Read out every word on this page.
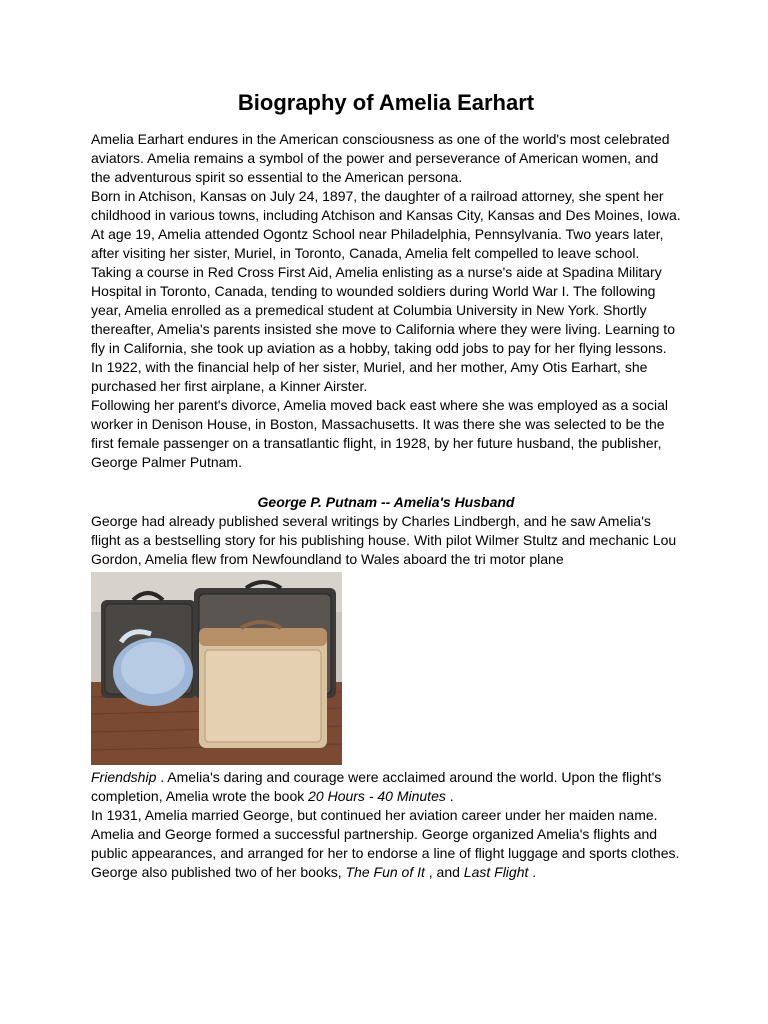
Biography of Amelia Earhart

Amelia Earhart endures in the American consciousness as one of the world's most celebrated aviators. Amelia remains a symbol of the power and perseverance of American women, and the adventurous spirit so essential to the American persona.

Born in Atchison, Kansas on July 24, 1897, the daughter of a railroad attorney, she spent her childhood in various towns, including Atchison and Kansas City, Kansas and Des Moines, Iowa. At age 19, Amelia attended Ogontz School near Philadelphia, Pennsylvania. Two years later, after visiting her sister, Muriel, in Toronto, Canada, Amelia felt compelled to leave school. Taking a course in Red Cross First Aid, Amelia enlisting as a nurse's aide at Spadina Military Hospital in Toronto, Canada, tending to wounded soldiers during World War I. The following year, Amelia enrolled as a premedical student at Columbia University in New York. Shortly thereafter, Amelia's parents insisted she move to California where they were living. Learning to fly in California, she took up aviation as a hobby, taking odd jobs to pay for her flying lessons. In 1922, with the financial help of her sister, Muriel, and her mother, Amy Otis Earhart, she purchased her first airplane, a Kinner Airster.

Following her parent's divorce, Amelia moved back east where she was employed as a social worker in Denison House, in Boston, Massachusetts. It was there she was selected to be the first female passenger on a transatlantic flight, in 1928, by her future husband, the publisher, George Palmer Putnam.

George P. Putnam -- Amelia's Husband

George had already published several writings by Charles Lindbergh, and he saw Amelia's flight as a bestselling story for his publishing house. With pilot Wilmer Stultz and mechanic Lou Gordon, Amelia flew from Newfoundland to Wales aboard the tri motor plane

Friendship . Amelia's daring and courage were acclaimed around the world. Upon the flight's completion, Amelia wrote the book 20 Hours - 40 Minutes .

In 1931, Amelia married George, but continued her aviation career under her maiden name. Amelia and George formed a successful partnership. George organized Amelia's flights and public appearances, and arranged for her to endorse a line of flight luggage and sports clothes. George also published two of her books, The Fun of It , and Last Flight .
